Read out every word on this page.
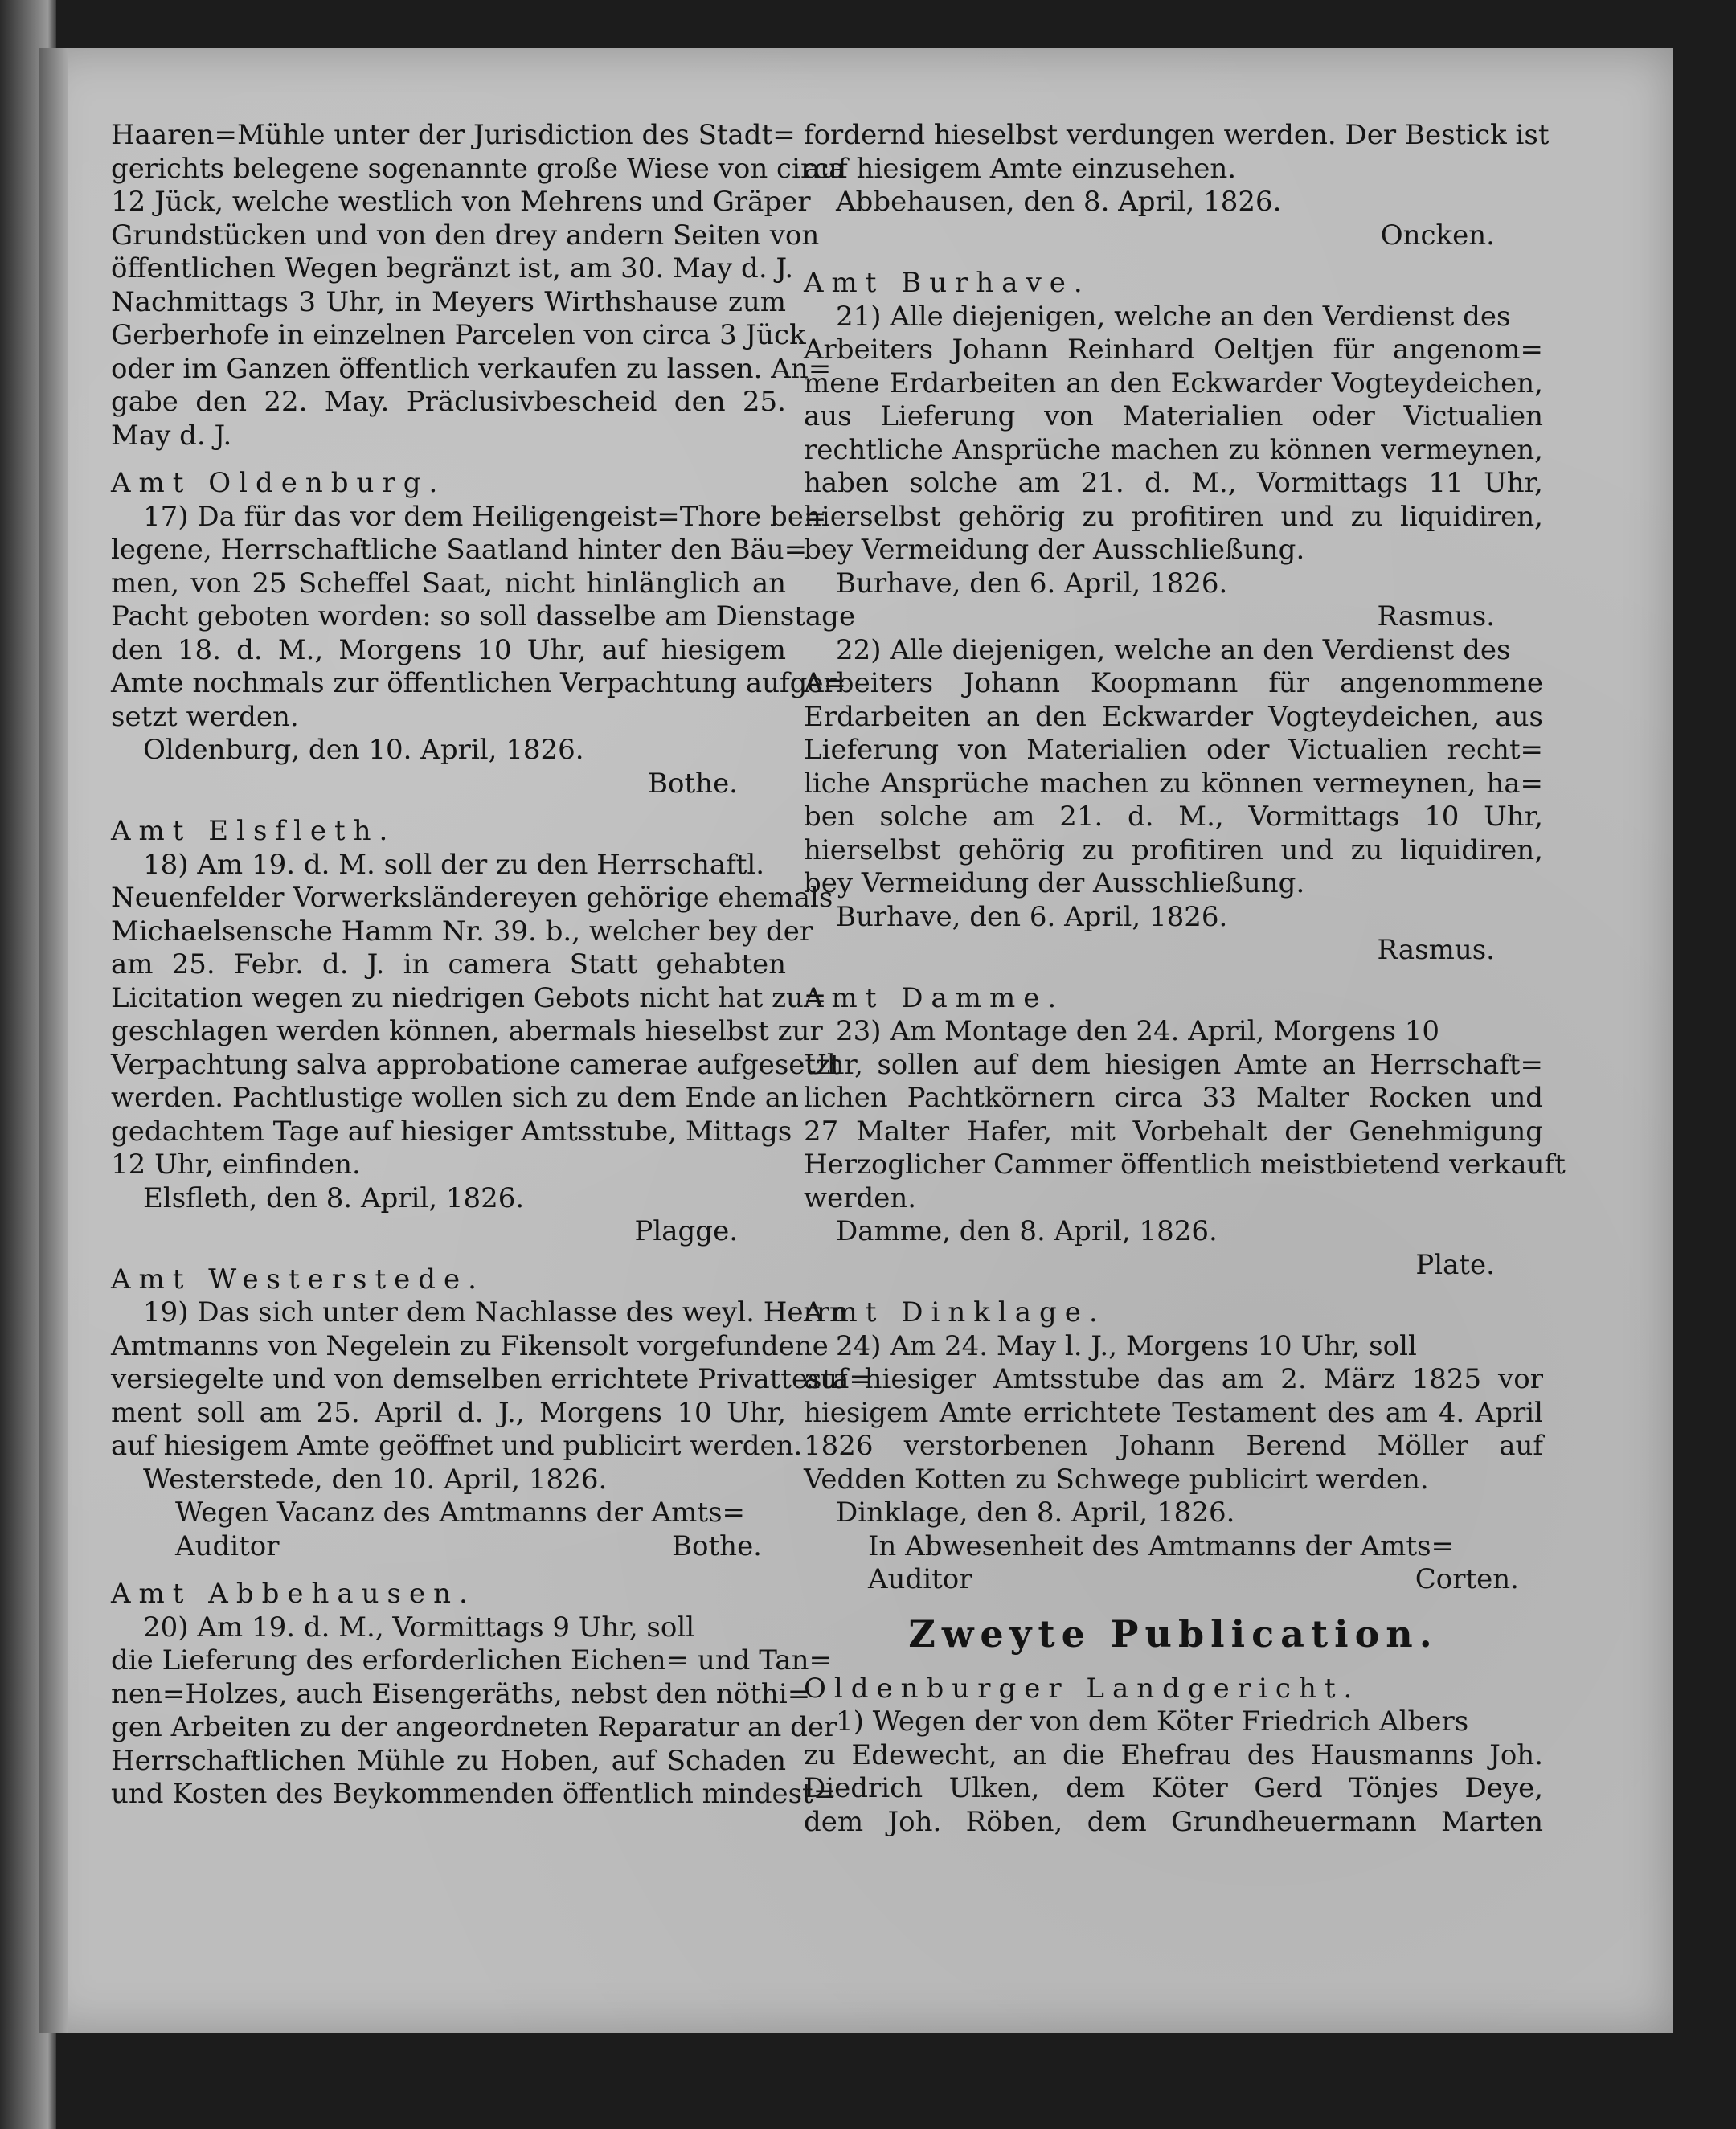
Haaren=Mühle unter der Jurisdiction des Stadt=
gerichts belegene sogenannte große Wiese von circa
12 Jück, welche westlich von Mehrens und Gräper
Grundstücken und von den drey andern Seiten von
öffentlichen Wegen begränzt ist, am 30. May d. J.
Nachmittags 3 Uhr, in Meyers Wirthshause zum
Gerberhofe in einzelnen Parcelen von circa 3 Jück
oder im Ganzen öffentlich verkaufen zu lassen. An=
gabe den 22. May. Präclusivbescheid den 25.
May d. J.
Amt Oldenburg.
17) Da für das vor dem Heiligengeist=Thore be=
legene, Herrschaftliche Saatland hinter den Bäu=
men, von 25 Scheffel Saat, nicht hinlänglich an
Pacht geboten worden: so soll dasselbe am Dienstage
den 18. d. M., Morgens 10 Uhr, auf hiesigem
Amte nochmals zur öffentlichen Verpachtung aufge=
setzt werden.
Oldenburg, den 10. April, 1826.
Bothe.
Amt Elsfleth.
18) Am 19. d. M. soll der zu den Herrschaftl.
Neuenfelder Vorwerksländereyen gehörige ehemals
Michaelsensche Hamm Nr. 39. b., welcher bey der
am 25. Febr. d. J. in camera Statt gehabten
Licitation wegen zu niedrigen Gebots nicht hat zu=
geschlagen werden können, abermals hieselbst zur
Verpachtung salva approbatione camerae aufgesetzt
werden. Pachtlustige wollen sich zu dem Ende an
gedachtem Tage auf hiesiger Amtsstube, Mittags
12 Uhr, einfinden.
Elsfleth, den 8. April, 1826.
Plagge.
Amt Westerstede.
19) Das sich unter dem Nachlasse des weyl. Herrn
Amtmanns von Negelein zu Fikensolt vorgefundene
versiegelte und von demselben errichtete Privattesta=
ment soll am 25. April d. J., Morgens 10 Uhr,
auf hiesigem Amte geöffnet und publicirt werden.
Westerstede, den 10. April, 1826.
Wegen Vacanz des Amtmanns der Amts=
Auditor	Bothe.
Amt Abbehausen.
20) Am 19. d. M., Vormittags 9 Uhr, soll
die Lieferung des erforderlichen Eichen= und Tan=
nen=Holzes, auch Eisengeräths, nebst den nöthi=
gen Arbeiten zu der angeordneten Reparatur an der
Herrschaftlichen Mühle zu Hoben, auf Schaden
und Kosten des Beykommenden öffentlich mindest=
fordernd hieselbst verdungen werden. Der Bestick ist
auf hiesigem Amte einzusehen.
Abbehausen, den 8. April, 1826.
Oncken.
Amt Burhave.
21) Alle diejenigen, welche an den Verdienst des
Arbeiters Johann Reinhard Oeltjen für angenom=
mene Erdarbeiten an den Eckwarder Vogteydeichen,
aus Lieferung von Materialien oder Victualien
rechtliche Ansprüche machen zu können vermeynen,
haben solche am 21. d. M., Vormittags 11 Uhr,
hierselbst gehörig zu profitiren und zu liquidiren,
bey Vermeidung der Ausschließung.
Burhave, den 6. April, 1826.
Rasmus.
22) Alle diejenigen, welche an den Verdienst des
Arbeiters Johann Koopmann für angenommene
Erdarbeiten an den Eckwarder Vogteydeichen, aus
Lieferung von Materialien oder Victualien recht=
liche Ansprüche machen zu können vermeynen, ha=
ben solche am 21. d. M., Vormittags 10 Uhr,
hierselbst gehörig zu profitiren und zu liquidiren,
bey Vermeidung der Ausschließung.
Burhave, den 6. April, 1826.
Rasmus.
Amt Damme.
23) Am Montage den 24. April, Morgens 10
Uhr, sollen auf dem hiesigen Amte an Herrschaft=
lichen Pachtkörnern circa 33 Malter Rocken und
27 Malter Hafer, mit Vorbehalt der Genehmigung
Herzoglicher Cammer öffentlich meistbietend verkauft
werden.
Damme, den 8. April, 1826.
Plate.
Amt Dinklage.
24) Am 24. May l. J., Morgens 10 Uhr, soll
auf hiesiger Amtsstube das am 2. März 1825 vor
hiesigem Amte errichtete Testament des am 4. April
1826 verstorbenen Johann Berend Möller auf
Vedden Kotten zu Schwege publicirt werden.
Dinklage, den 8. April, 1826.
In Abwesenheit des Amtmanns der Amts=
Auditor	Corten.
Zweyte Publication.
Oldenburger Landgericht.
1) Wegen der von dem Köter Friedrich Albers
zu Edewecht, an die Ehefrau des Hausmanns Joh.
Diedrich Ulken, dem Köter Gerd Tönjes Deye,
dem Joh. Röben, dem Grundheuermann Marten
